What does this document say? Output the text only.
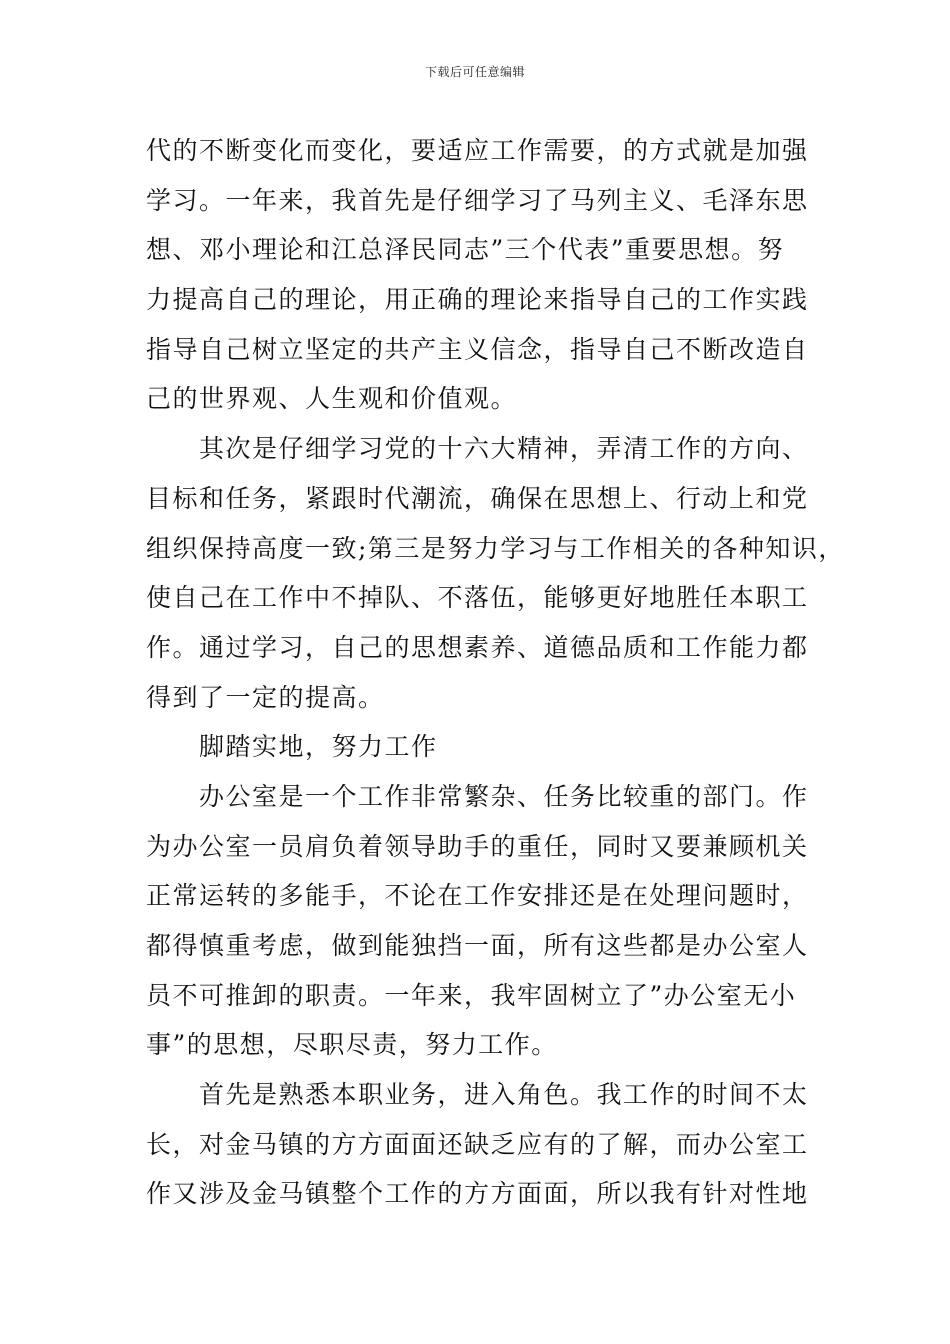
下载后可任意编辑
代的不断变化而变化，要适应工作需要，的方式就是加强
学习。一年来，我首先是仔细学习了马列主义、毛泽东思
想、邓小理论和江总泽民同志”三个代表”重要思想。努
力提高自己的理论，用正确的理论来指导自己的工作实践
指导自己树立坚定的共产主义信念，指导自己不断改造自
己的世界观、人生观和价值观。
其次是仔细学习党的十六大精神，弄清工作的方向、
目标和任务，紧跟时代潮流，确保在思想上、行动上和党
组织保持高度一致;第三是努力学习与工作相关的各种知识，
使自己在工作中不掉队、不落伍，能够更好地胜任本职工
作。通过学习，自己的思想素养、道德品质和工作能力都
得到了一定的提高。
脚踏实地，努力工作
办公室是一个工作非常繁杂、任务比较重的部门。作
为办公室一员肩负着领导助手的重任，同时又要兼顾机关
正常运转的多能手，不论在工作安排还是在处理问题时，
都得慎重考虑，做到能独挡一面，所有这些都是办公室人
员不可推卸的职责。一年来，我牢固树立了”办公室无小
事”的思想，尽职尽责，努力工作。
首先是熟悉本职业务，进入角色。我工作的时间不太
长，对金马镇的方方面面还缺乏应有的了解，而办公室工
作又涉及金马镇整个工作的方方面面，所以我有针对性地
